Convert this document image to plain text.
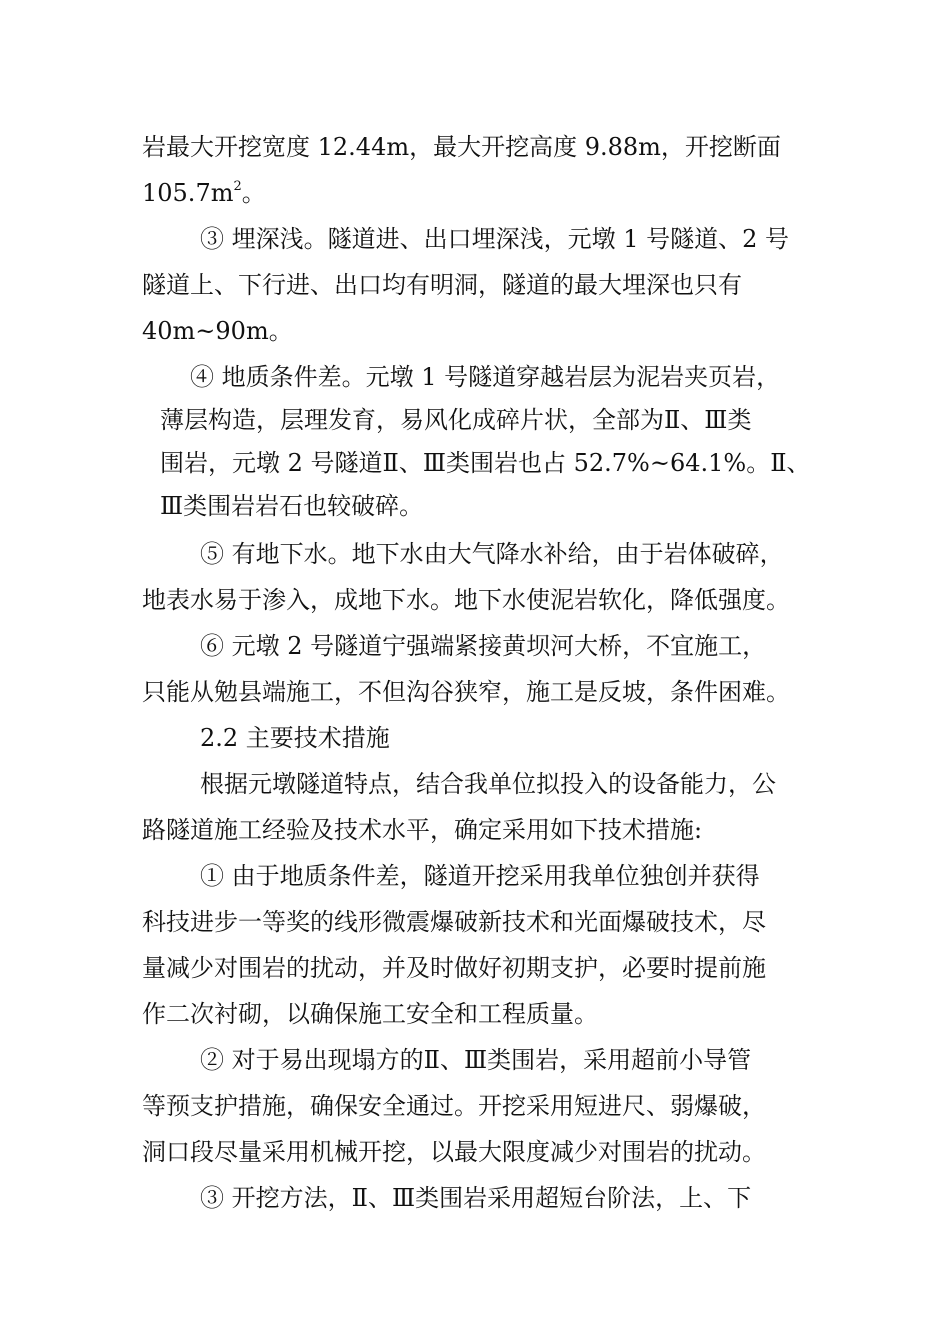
岩最大开挖宽度 12.44m，最大开挖高度 9.88m，开挖断面
$105.7m^2$。
③ 埋深浅。隧道进、出口埋深浅，元墩 1 号隧道、2 号
隧道上、下行进、出口均有明洞，隧道的最大埋深也只有
40m~90m。
④ 地质条件差。元墩 1 号隧道穿越岩层为泥岩夹页岩，
薄层构造，层理发育，易风化成碎片状，全部为Ⅱ、Ⅲ类
围岩，元墩 2 号隧道Ⅱ、Ⅲ类围岩也占 52.7%~64.1%。Ⅱ、
Ⅲ类围岩岩石也较破碎。
⑤ 有地下水。地下水由大气降水补给，由于岩体破碎，
地表水易于渗入，成地下水。地下水使泥岩软化，降低强度。
⑥ 元墩 2 号隧道宁强端紧接黄坝河大桥，不宜施工，
只能从勉县端施工，不但沟谷狭窄，施工是反坡，条件困难。
2.2 主要技术措施
根据元墩隧道特点，结合我单位拟投入的设备能力，公
路隧道施工经验及技术水平，确定采用如下技术措施:
① 由于地质条件差，隧道开挖采用我单位独创并获得
科技进步一等奖的线形微震爆破新技术和光面爆破技术，尽
量减少对围岩的扰动，并及时做好初期支护，必要时提前施
作二次衬砌，以确保施工安全和工程质量。
② 对于易出现塌方的Ⅱ、Ⅲ类围岩，采用超前小导管
等预支护措施，确保安全通过。开挖采用短进尺、弱爆破，
洞口段尽量采用机械开挖，以最大限度减少对围岩的扰动。
③ 开挖方法，Ⅱ、Ⅲ类围岩采用超短台阶法，上、下
